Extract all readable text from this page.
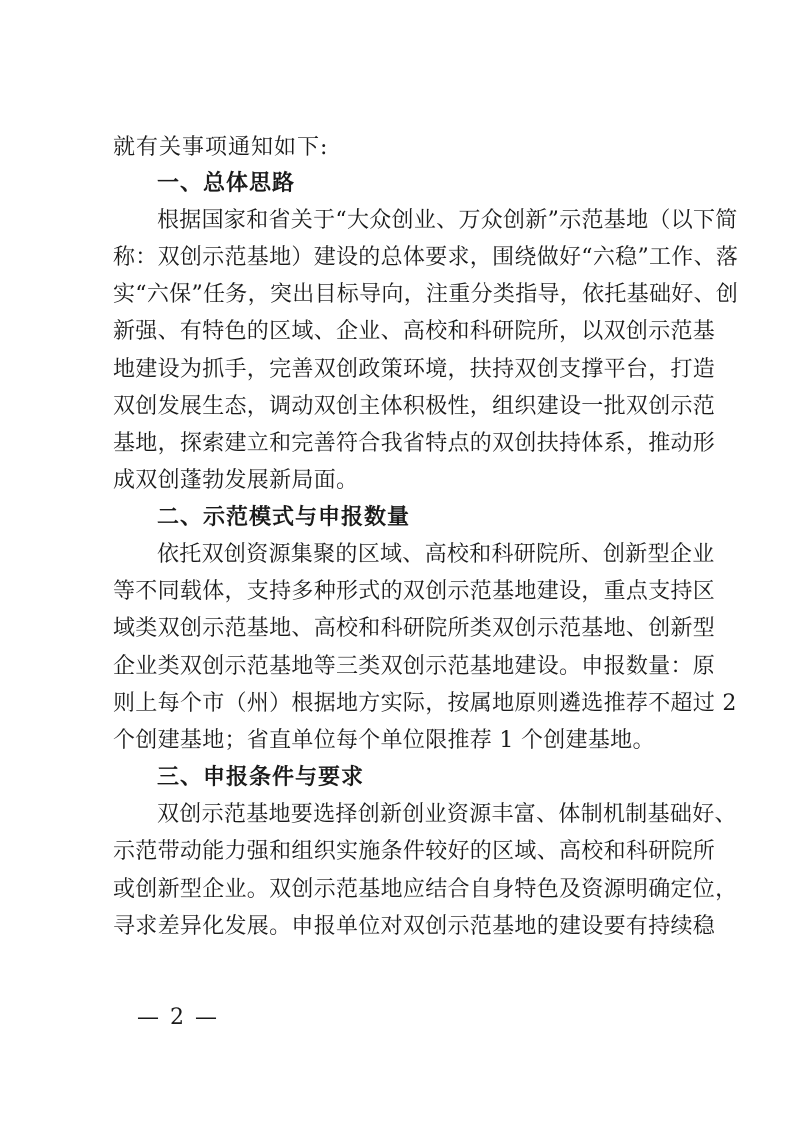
就有关事项通知如下:
一、总体思路
根据国家和省关于“大众创业、万众创新”示范基地（以下简
称：双创示范基地）建设的总体要求，围绕做好“六稳”工作、落
实“六保”任务，突出目标导向，注重分类指导，依托基础好、创
新强、有特色的区域、企业、高校和科研院所，以双创示范基
地建设为抓手，完善双创政策环境，扶持双创支撑平台，打造
双创发展生态，调动双创主体积极性，组织建设一批双创示范
基地，探索建立和完善符合我省特点的双创扶持体系，推动形
成双创蓬勃发展新局面。
二、示范模式与申报数量
依托双创资源集聚的区域、高校和科研院所、创新型企业
等不同载体，支持多种形式的双创示范基地建设，重点支持区
域类双创示范基地、高校和科研院所类双创示范基地、创新型
企业类双创示范基地等三类双创示范基地建设。申报数量：原
则上每个市（州）根据地方实际，按属地原则遴选推荐不超过 2
个创建基地；省直单位每个单位限推荐 1 个创建基地。
三、申报条件与要求
双创示范基地要选择创新创业资源丰富、体制机制基础好、
示范带动能力强和组织实施条件较好的区域、高校和科研院所
或创新型企业。双创示范基地应结合自身特色及资源明确定位，
寻求差异化发展。申报单位对双创示范基地的建设要有持续稳
— 2 —
